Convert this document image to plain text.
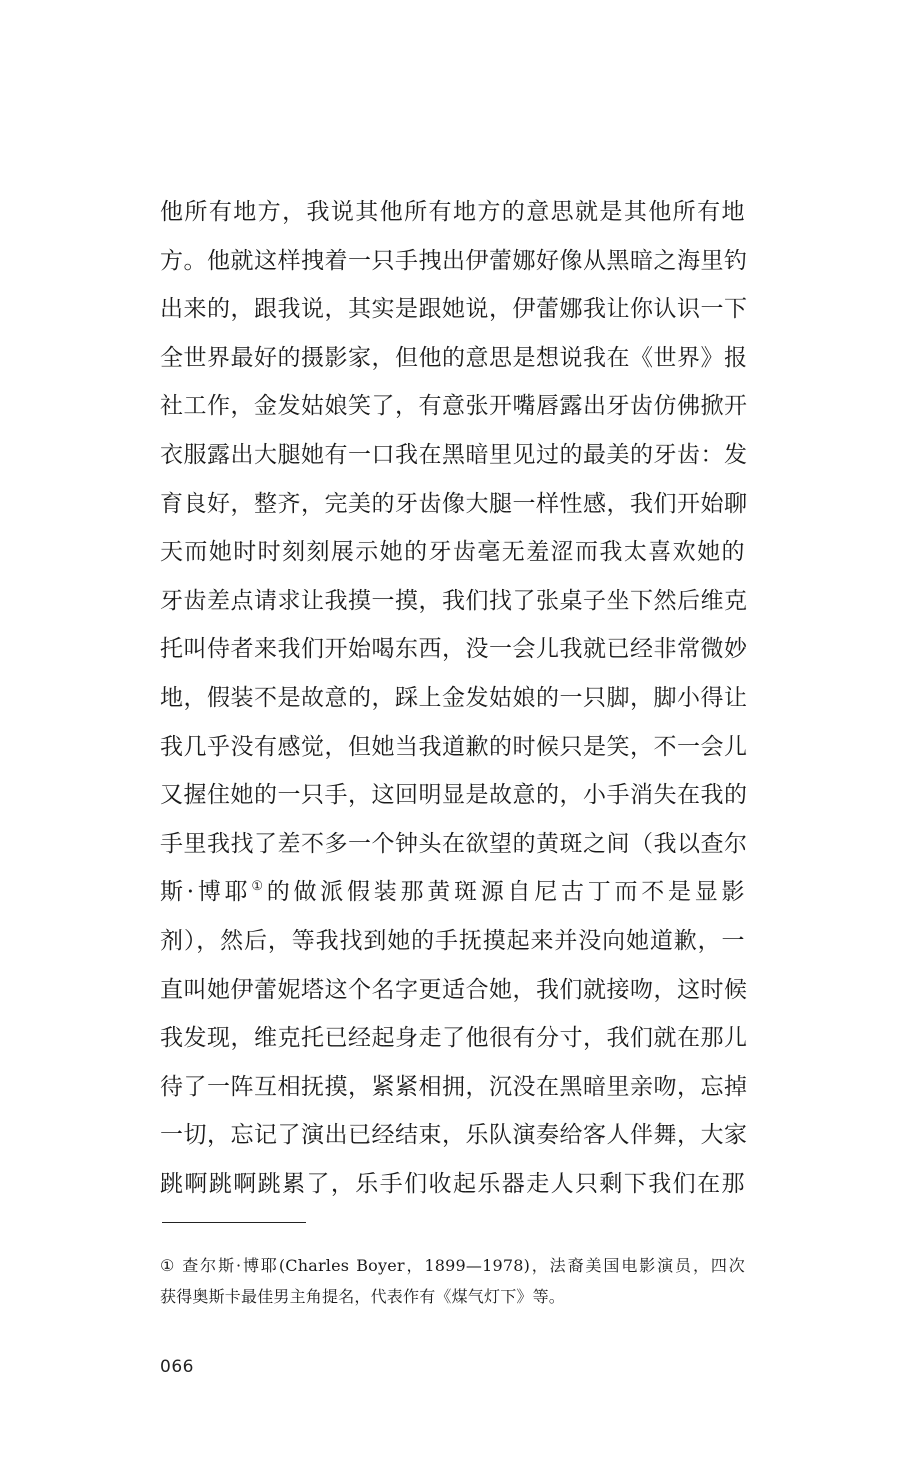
他所有地方，我说其他所有地方的意思就是其他所有地
方。他就这样拽着一只手拽出伊蕾娜好像从黑暗之海里钓
出来的，跟我说，其实是跟她说，伊蕾娜我让你认识一下
全世界最好的摄影家，但他的意思是想说我在《世界》报
社工作，金发姑娘笑了，有意张开嘴唇露出牙齿仿佛掀开
衣服露出大腿她有一口我在黑暗里见过的最美的牙齿：发
育良好，整齐，完美的牙齿像大腿一样性感，我们开始聊
天而她时时刻刻展示她的牙齿毫无羞涩而我太喜欢她的
牙齿差点请求让我摸一摸，我们找了张桌子坐下然后维克
托叫侍者来我们开始喝东西，没一会儿我就已经非常微妙
地，假装不是故意的，踩上金发姑娘的一只脚，脚小得让
我几乎没有感觉，但她当我道歉的时候只是笑，不一会儿
又握住她的一只手，这回明显是故意的，小手消失在我的
手里我找了差不多一个钟头在欲望的黄斑之间（我以查尔
斯·博耶①的做派假装那黄斑源自尼古丁而不是显影
剂），然后，等我找到她的手抚摸起来并没向她道歉，一
直叫她伊蕾妮塔这个名字更适合她，我们就接吻，这时候
我发现，维克托已经起身走了他很有分寸，我们就在那儿
待了一阵互相抚摸，紧紧相拥，沉没在黑暗里亲吻，忘掉
一切，忘记了演出已经结束，乐队演奏给客人伴舞，大家
跳啊跳啊跳累了，乐手们收起乐器走人只剩下我们在那
① 查尔斯·博耶(Charles Boyer，1899—1978)，法裔美国电影演员，四次
获得奥斯卡最佳男主角提名，代表作有《煤气灯下》等。
066
